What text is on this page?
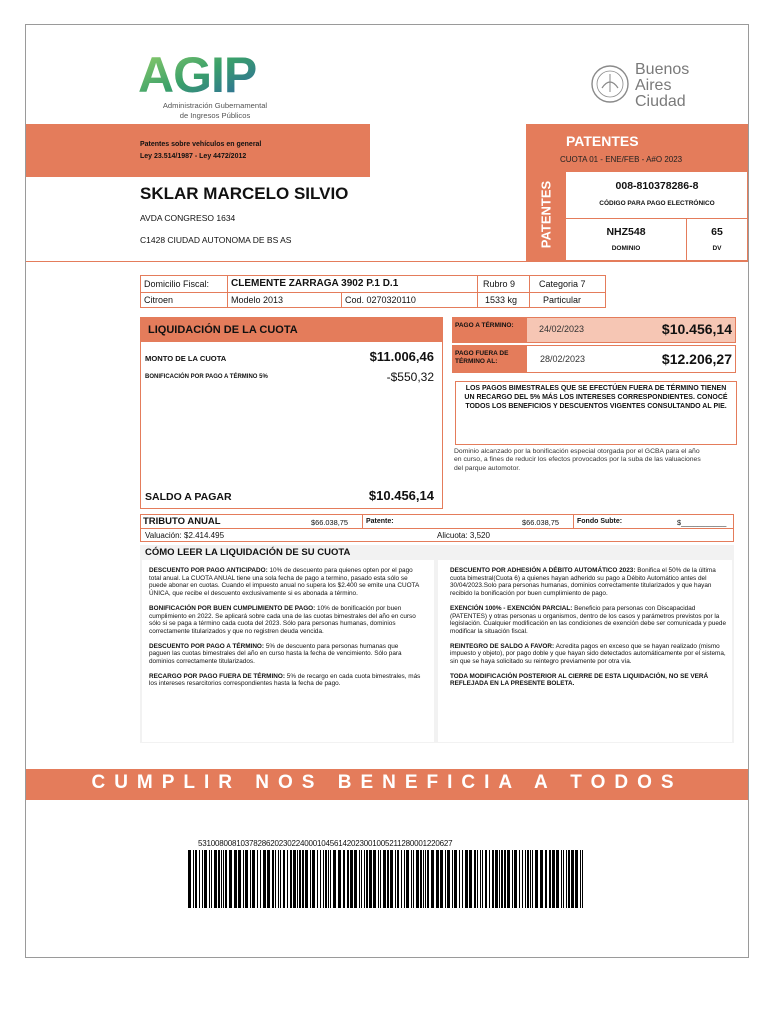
AGIP
Administración Gubernamental
de Ingresos Públicos
Buenos
Aires
Ciudad
Patentes sobre vehículos en general
Ley 23.514/1987 - Ley 4472/2012
SKLAR MARCELO SILVIO
AVDA CONGRESO 1634
C1428 CIUDAD AUTONOMA DE BS AS
PATENTES
CUOTA 01 - ENE/FEB - A#O 2023
PATENTES	008-810378286-8
CÓDIGO PARA PAGO ELECTRÓNICO
NHZ548
DOMINIO
65
DV
Domicilio Fiscal: CLEMENTE ZARRAGA 3902 P.1 D.1	Rubro 9	Categoria 7
Citroen	Modelo 2013	Cod. 0270320110	1533 kg	Particular
LIQUIDACIÓN DE LA CUOTA
MONTO DE LA CUOTA	$11.006,46
BONIFICACIÓN POR PAGO A TÉRMINO 5%	-$550,32
SALDO A PAGAR	$10.456,14
PAGO A TÉRMINO:	24/02/2023	$10.456,14
PAGO FUERA DE TÉRMINO AL:	28/02/2023	$12.206,27
LOS PAGOS BIMESTRALES QUE SE EFECTÚEN FUERA DE TÉRMINO TIENEN UN RECARGO DEL 5% MÁS LOS INTERESES CORRESPONDIENTES. CONOCÉ TODOS LOS BENEFICIOS Y DESCUENTOS VIGENTES CONSULTANDO AL PIE.
Dominio alcanzado por la bonificación especial otorgada por el GCBA para el año en curso, a fines de reducir los efectos provocados por la suba de las valuaciones del parque automotor.
TRIBUTO ANUAL	$66.038,75	Patente:	$66.038,75	Fondo Subte:	$___________
Valuación: $2.414.495	Alicuota: 3,520
CÓMO LEER LA LIQUIDACIÓN DE SU CUOTA

DESCUENTO POR PAGO ANTICIPADO: 10% de descuento para quienes opten por el pago total anual. La CUOTA ANUAL tiene una sola fecha de pago a termino, pasado esta sólo se puede abonar en cuotas. Cuando el impuesto anual no supera los $2.400 se emite una CUOTA ÚNICA, que recibe el descuento exclusivamente si es abonada a término.

BONIFICACIÓN POR BUEN CUMPLIMIENTO DE PAGO: 10% de bonificación por buen cumplimiento en 2022. Se aplicará sobre cada una de las cuotas bimestrales del año en curso sólo si se paga a término cada cuota del 2023. Sólo para personas humanas, dominios correctamente titularizados y que no registren deuda vencida.

DESCUENTO POR PAGO A TÉRMINO: 5% de descuento para personas humanas que paguen las cuotas bimestrales del año en curso hasta la fecha de vencimiento. Sólo para dominios correctamente titularizados.

RECARGO POR PAGO FUERA DE TÉRMINO: 5% de recargo en cada cuota bimestrales, más los intereses resarcitorios correspondientes hasta la fecha de pago.

DESCUENTO POR ADHESIÓN A DÉBITO AUTOMÁTICO 2023: Bonifica el 50% de la última cuota bimestral(Cuota 6) a quienes hayan adherido su pago a Débito Automático antes del 30/04/2023.Solo para personas humanas, dominios correctamente titularizados y que hayan recibido la bonificación por buen cumplimiento de pago.

EXENCIÓN 100% - EXENCIÓN PARCIAL: Beneficio para personas con Discapacidad (PATENTES) y otras personas u organismos, dentro de los casos y parámetros previstos por la legislación. Cualquier modificación en las condiciones de exención debe ser comunicada y puede modificar la situación fiscal.

REINTEGRO DE SALDO A FAVOR: Acredita pagos en exceso que se hayan realizado (mismo impuesto y objeto), por pago doble y que hayan sido detectados automáticamente por el sistema, sin que se haya solicitado su reintegro previamente por otra vía.

TODA MODIFICACIÓN POSTERIOR AL CIERRE DE ESTA LIQUIDACIÓN, NO SE VERÁ REFLEJADA EN LA PRESENTE BOLETA.

CUMPLIR NOS BENEFICIA A TODOS
53100800810378286202302240001045614202300100521128000122062​7
